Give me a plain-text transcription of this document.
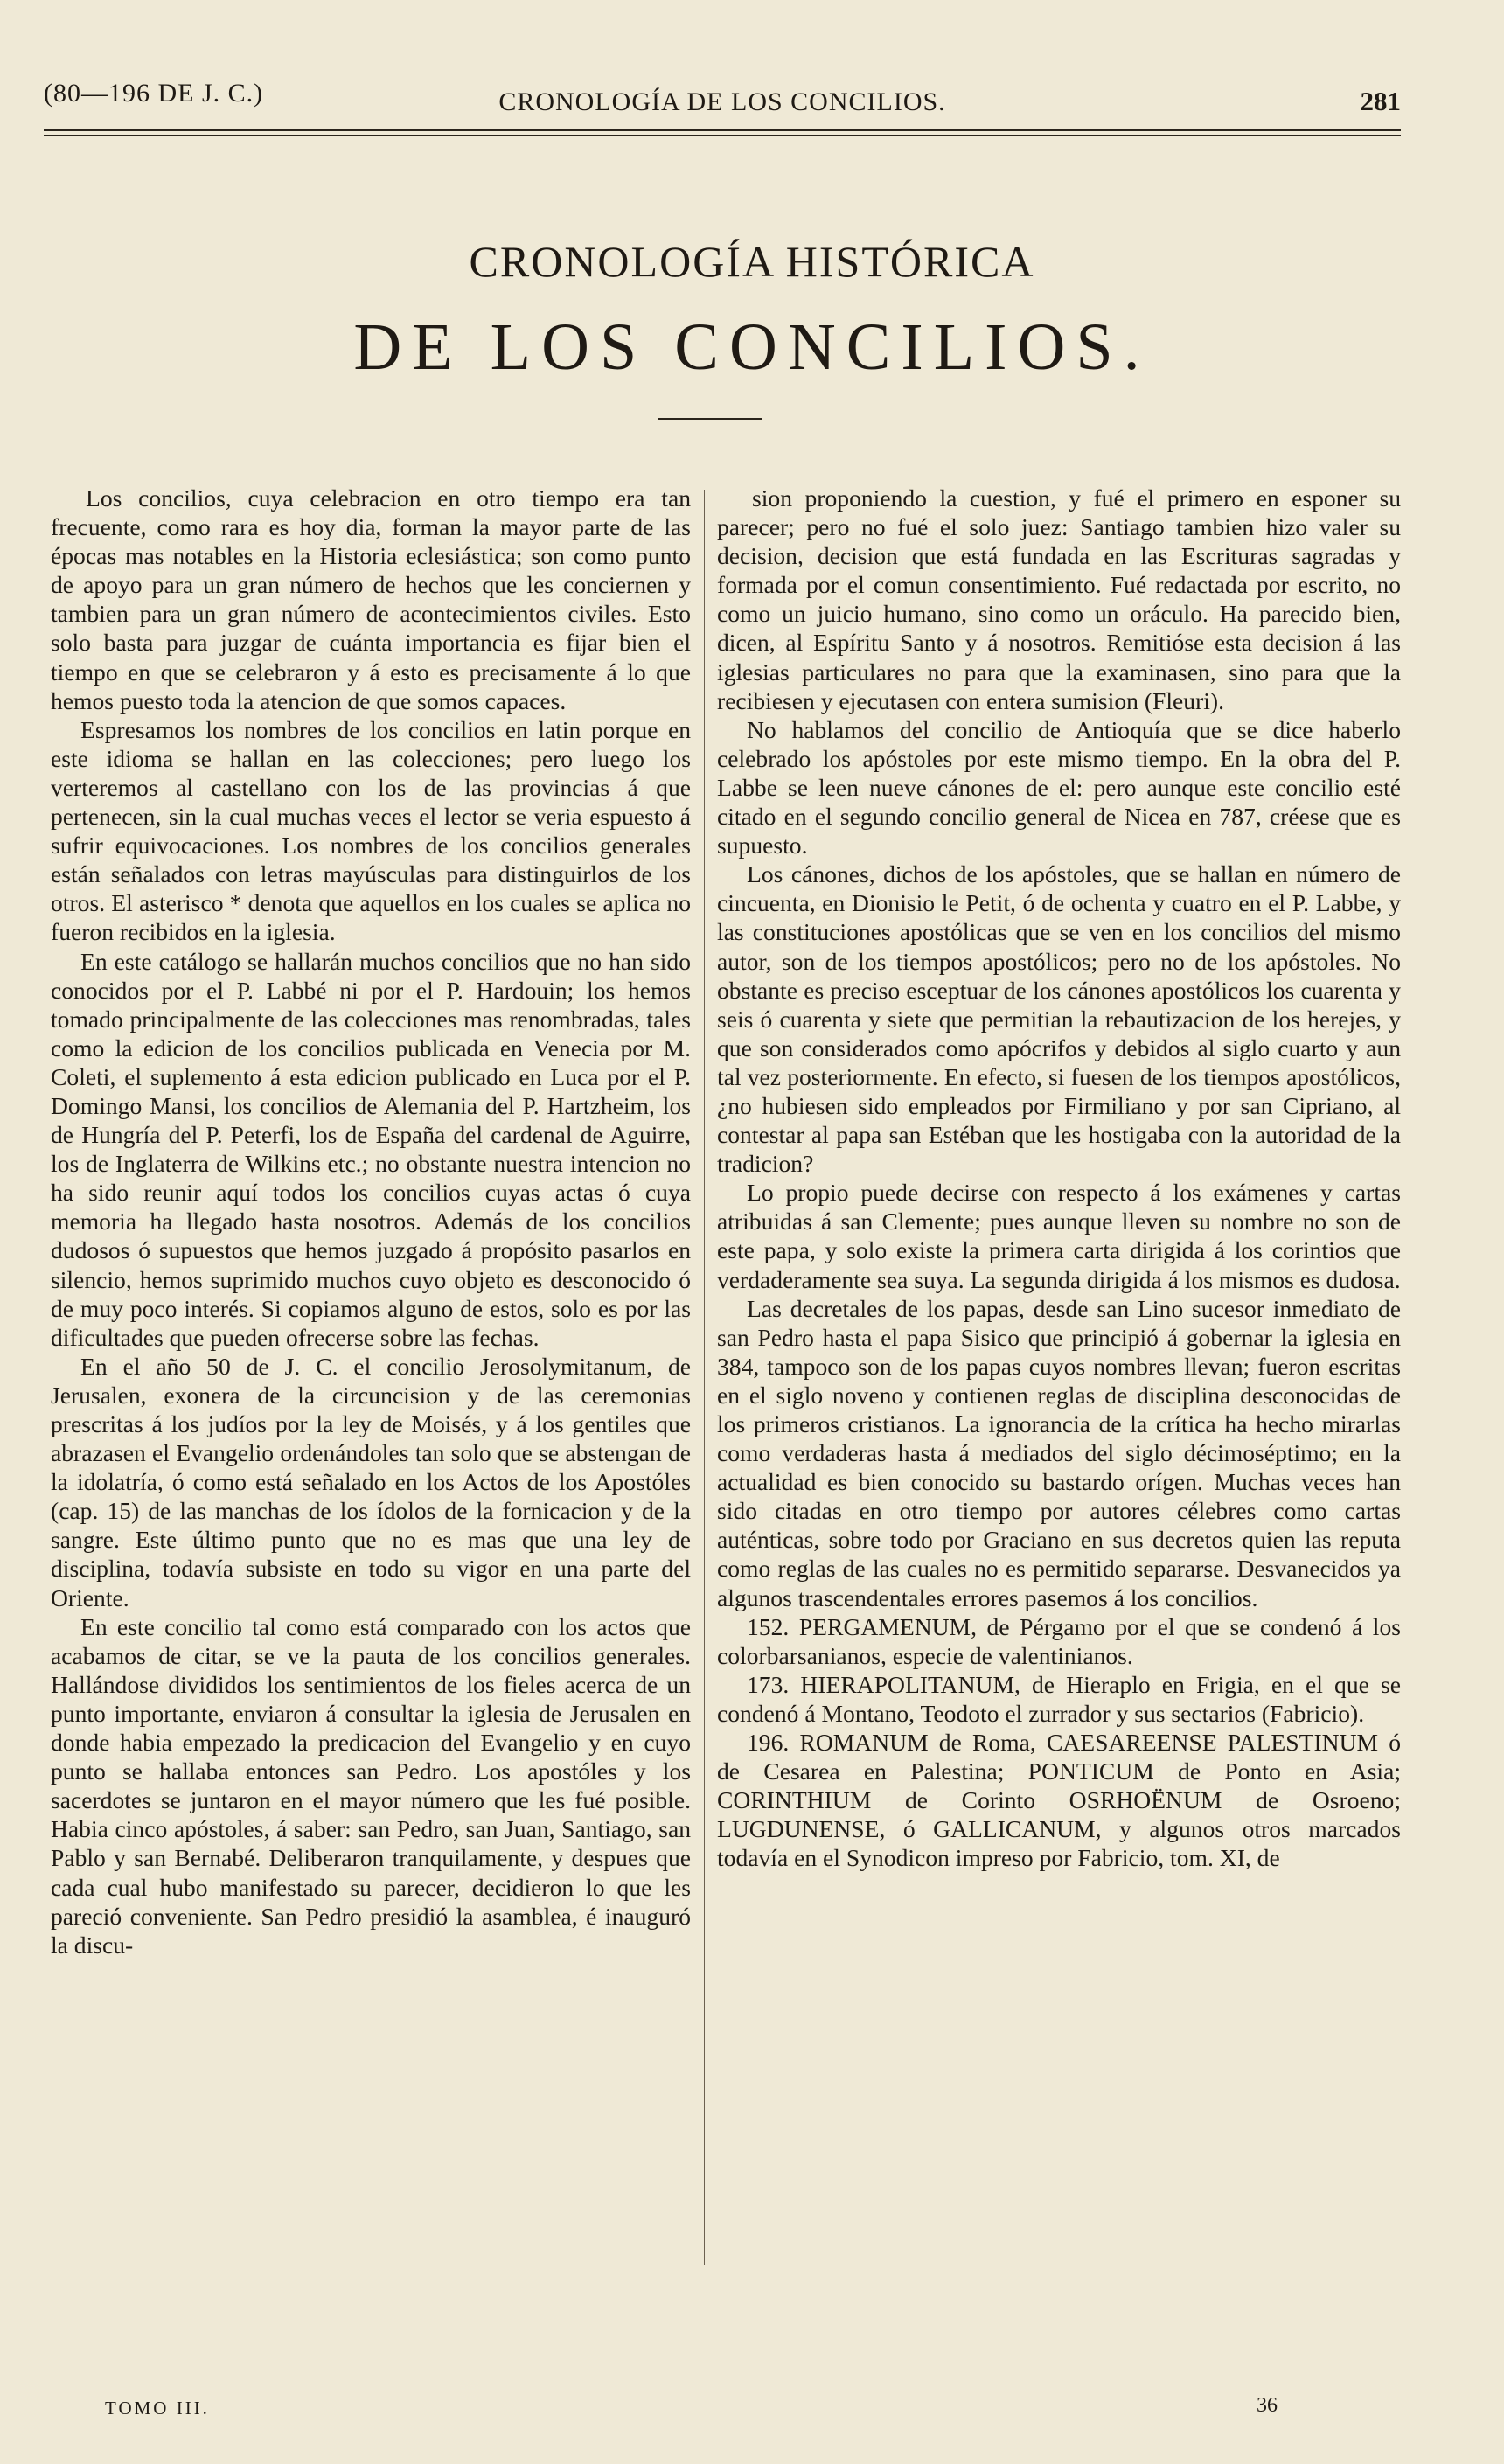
(80—196 DE J. C.)	CRONOLOGÍA DE LOS CONCILIOS.	281
CRONOLOGÍA HISTÓRICA
DE LOS CONCILIOS.

Los concilios, cuya celebracion en otro tiempo era tan frecuente, como rara es hoy dia, forman la mayor parte de las épocas mas notables en la Historia eclesiástica; son como punto de apoyo para un gran número de hechos que les conciernen y tambien para un gran número de acontecimientos civiles. Esto solo basta para juzgar de cuánta importancia es fijar bien el tiempo en que se celebraron y á esto es precisamente á lo que hemos puesto toda la atencion de que somos capaces.

Espresamos los nombres de los concilios en latin porque en este idioma se hallan en las colecciones; pero luego los verteremos al castellano con los de las provincias á que pertenecen, sin la cual muchas veces el lector se veria espuesto á sufrir equivocaciones. Los nombres de los concilios generales están señalados con letras mayúsculas para distinguirlos de los otros. El asterisco * denota que aquellos en los cuales se aplica no fueron recibidos en la iglesia.

En este catálogo se hallarán muchos concilios que no han sido conocidos por el P. Labbé ni por el P. Hardouin; los hemos tomado principalmente de las colecciones mas renombradas, tales como la edicion de los concilios publicada en Venecia por M. Coleti, el suplemento á esta edicion publicado en Luca por el P. Domingo Mansi, los concilios de Alemania del P. Hartzheim, los de Hungría del P. Peterfi, los de España del cardenal de Aguirre, los de Inglaterra de Wilkins etc.; no obstante nuestra intencion no ha sido reunir aquí todos los concilios cuyas actas ó cuya memoria ha llegado hasta nosotros. Además de los concilios dudosos ó supuestos que hemos juzgado á propósito pasarlos en silencio, hemos suprimido muchos cuyo objeto es desconocido ó de muy poco interés. Si copiamos alguno de estos, solo es por las dificultades que pueden ofrecerse sobre las fechas.

En el año 50 de J. C. el concilio Jerosolymitanum, de Jerusalen, exonera de la circuncision y de las ceremonias prescritas á los judíos por la ley de Moisés, y á los gentiles que abrazasen el Evangelio ordenándoles tan solo que se abstengan de la idolatría, ó como está señalado en los Actos de los Apostóles (cap. 15) de las manchas de los ídolos de la fornicacion y de la sangre. Este último punto que no es mas que una ley de disciplina, todavía subsiste en todo su vigor en una parte del Oriente.

En este concilio tal como está comparado con los actos que acabamos de citar, se ve la pauta de los concilios generales. Hallándose divididos los sentimientos de los fieles acerca de un punto importante, enviaron á consultar la iglesia de Jerusalen en donde habia empezado la predicacion del Evangelio y en cuyo punto se hallaba entonces san Pedro. Los apostóles y los sacerdotes se juntaron en el mayor número que les fué posible. Habia cinco apóstoles, á saber: san Pedro, san Juan, Santiago, san Pablo y san Bernabé. Deliberaron tranquilamente, y despues que cada cual hubo manifestado su parecer, decidieron lo que les pareció conveniente. San Pedro presidió la asamblea, é inauguró la discu-

sion proponiendo la cuestion, y fué el primero en esponer su parecer; pero no fué el solo juez: Santiago tambien hizo valer su decision, decision que está fundada en las Escrituras sagradas y formada por el comun consentimiento. Fué redactada por escrito, no como un juicio humano, sino como un oráculo. Ha parecido bien, dicen, al Espíritu Santo y á nosotros. Remitióse esta decision á las iglesias particulares no para que la examinasen, sino para que la recibiesen y ejecutasen con entera sumision (Fleuri).

No hablamos del concilio de Antioquía que se dice haberlo celebrado los apóstoles por este mismo tiempo. En la obra del P. Labbe se leen nueve cánones de el: pero aunque este concilio esté citado en el segundo concilio general de Nicea en 787, créese que es supuesto.

Los cánones, dichos de los apóstoles, que se hallan en número de cincuenta, en Dionisio le Petit, ó de ochenta y cuatro en el P. Labbe, y las constituciones apostólicas que se ven en los concilios del mismo autor, son de los tiempos apostólicos; pero no de los apóstoles. No obstante es preciso esceptuar de los cánones apostólicos los cuarenta y seis ó cuarenta y siete que permitian la rebautizacion de los herejes, y que son considerados como apócrifos y debidos al siglo cuarto y aun tal vez posteriormente. En efecto, si fuesen de los tiempos apostólicos, ¿no hubiesen sido empleados por Firmiliano y por san Cipriano, al contestar al papa san Estéban que les hostigaba con la autoridad de la tradicion?

Lo propio puede decirse con respecto á los exámenes y cartas atribuidas á san Clemente; pues aunque lleven su nombre no son de este papa, y solo existe la primera carta dirigida á los corintios que verdaderamente sea suya. La segunda dirigida á los mismos es dudosa.

Las decretales de los papas, desde san Lino sucesor inmediato de san Pedro hasta el papa Sisico que principió á gobernar la iglesia en 384, tampoco son de los papas cuyos nombres llevan; fueron escritas en el siglo noveno y contienen reglas de disciplina desconocidas de los primeros cristianos. La ignorancia de la crítica ha hecho mirarlas como verdaderas hasta á mediados del siglo décimoséptimo; en la actualidad es bien conocido su bastardo orígen. Muchas veces han sido citadas en otro tiempo por autores célebres como cartas auténticas, sobre todo por Graciano en sus decretos quien las reputa como reglas de las cuales no es permitido separarse. Desvanecidos ya algunos trascendentales errores pasemos á los concilios.

152. PERGAMENUM, de Pérgamo por el que se condenó á los colorbarsanianos, especie de valentinianos.

173. HIERAPOLITANUM, de Hieraplo en Frigia, en el que se condenó á Montano, Teodoto el zurrador y sus sectarios (Fabricio).

196. ROMANUM de Roma, CAESAREENSE PALESTINUM ó de Cesarea en Palestina; PONTICUM de Ponto en Asia; CORINTHIUM de Corinto OSRHOËNUM de Osroeno; LUGDUNENSE, ó GALLICANUM, y algunos otros marcados todavía en el Synodicon impreso por Fabricio, tom. XI, de

TOMO III.	36
